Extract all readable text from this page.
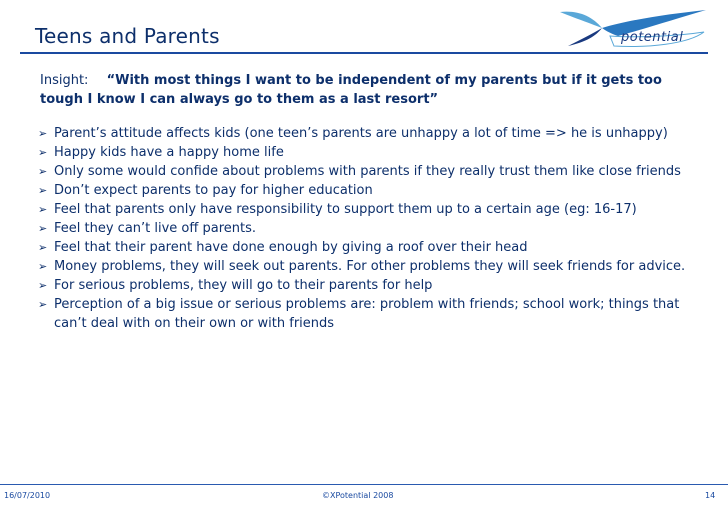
Teens and Parents	potential
Insight: “With most things I want to be independent of my parents but if it gets too tough I know I can always go to them as a last resort”
➢ Parent’s attitude affects kids (one teen’s parents are unhappy a lot of time => he is unhappy)
➢ Happy kids have a happy home life
➢ Only some would confide about problems with parents if they really trust them like close friends
➢ Don’t expect parents to pay for higher education
➢ Feel that parents only have responsibility to support them up to a certain age (eg: 16-17)
➢ Feel they can’t live off parents.
➢ Feel that their parent have done enough by giving a roof over their head
➢ Money problems, they will seek out parents. For other problems they will seek friends for advice.
➢ For serious problems, they will go to their parents for help
➢ Perception of a big issue or serious problems are: problem with friends; school work; things that can’t deal with on their own or with friends
16/07/2010	©XPotential 2008	14
